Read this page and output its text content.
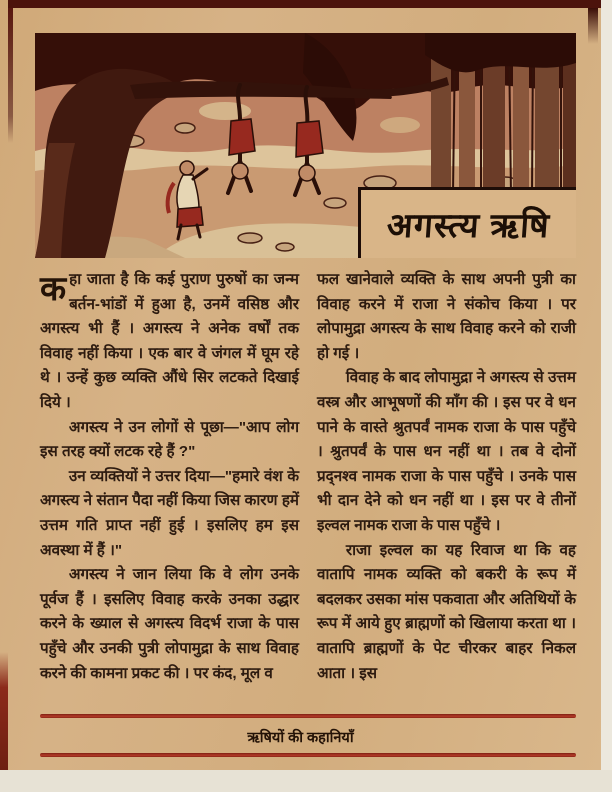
अगस्त्य ऋषि

कहा जाता है कि कई पुराण पुरुषों का जन्म बर्तन-भांडों में हुआ है, उनमें वसिष्ठ और अगस्त्य भी हैं । अगस्त्य ने अनेक वर्षों तक विवाह नहीं किया । एक बार वे जंगल में घूम रहे थे । उन्हें कुछ व्यक्ति औंधे सिर लटकते दिखाई दिये ।

अगस्त्य ने उन लोगों से पूछा—"आप लोग इस तरह क्यों लटक रहे हैं ?"

उन व्यक्तियों ने उत्तर दिया—"हमारे वंश के अगस्त्य ने संतान पैदा नहीं किया जिस कारण हमें उत्तम गति प्राप्त नहीं हुई । इसलिए हम इस अवस्था में हैं ।"

अगस्त्य ने जान लिया कि वे लोग उनके पूर्वज हैं । इसलिए विवाह करके उनका उद्धार करने के ख्याल से अगस्त्य विदर्भ राजा के पास पहुँचे और उनकी पुत्री लोपामुद्रा के साथ विवाह करने की कामना प्रकट की । पर कंद, मूल व

फल खानेवाले व्यक्ति के साथ अपनी पुत्री का विवाह करने में राजा ने संकोच किया । पर लोपामुद्रा अगस्त्य के साथ विवाह करने को राजी हो गई ।

विवाह के बाद लोपामुद्रा ने अगस्त्य से उत्तम वस्त्र और आभूषणों की माँग की । इस पर वे धन पाने के वास्ते श्रुतपर्वं नामक राजा के पास पहुँचे । श्रुतपर्वं के पास धन नहीं था । तब वे दोनों प्रद्नश्व नामक राजा के पास पहुँचे । उनके पास भी दान देने को धन नहीं था । इस पर वे तीनों इल्वल नामक राजा के पास पहुँचे ।

राजा इल्वल का यह रिवाज था कि वह वातापि नामक व्यक्ति को बकरी के रूप में बदलकर उसका मांस पकवाता और अतिथियों के रूप में आये हुए ब्राह्मणों को खिलाया करता था । वातापि ब्राह्मणों के पेट चीरकर बाहर निकल आता । इस

ऋषियों की कहानियाँ
